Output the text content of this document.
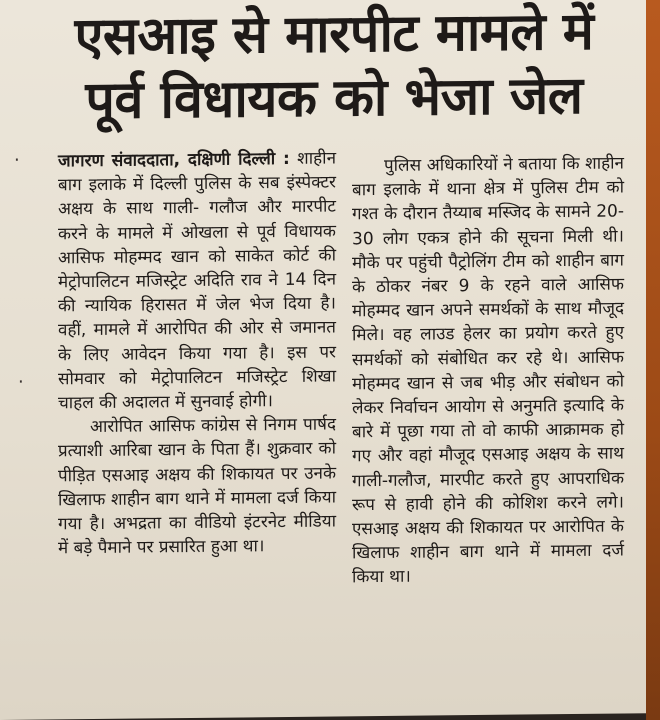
एसआइ से मारपीट मामले में
पूर्व विधायक को भेजा जेल

जागरण संवाददाता, दक्षिणी दिल्ली : शाहीन बाग इलाके में दिल्ली पुलिस के सब इंस्पेक्टर अक्षय के साथ गाली- गलौज और मारपीट करने के मामले में ओखला से पूर्व विधायक आसिफ मोहम्मद खान को साकेत कोर्ट की मेट्रोपालिटन मजिस्ट्रेट अदिति राव ने 14 दिन की न्यायिक हिरासत में जेल भेज दिया है। वहीं, मामले में आरोपित की ओर से जमानत के लिए आवेदन किया गया है। इस पर सोमवार को मेट्रोपालिटन मजिस्ट्रेट शिखा चाहल की अदालत में सुनवाई होगी।

आरोपित आसिफ कांग्रेस से निगम पार्षद प्रत्याशी आरिबा खान के पिता हैं। शुक्रवार को पीड़ित एसआइ अक्षय की शिकायत पर उनके खिलाफ शाहीन बाग थाने में मामला दर्ज किया गया है। अभद्रता का वीडियो इंटरनेट मीडिया में बड़े पैमाने पर प्रसारित हुआ था।

पुलिस अधिकारियों ने बताया कि शाहीन बाग इलाके में थाना क्षेत्र में पुलिस टीम को गश्त के दौरान तैय्याब मस्जिद के सामने 20-30 लोग एकत्र होने की सूचना मिली थी। मौके पर पहुंची पैट्रोलिंग टीम को शाहीन बाग के ठोकर नंबर 9 के रहने वाले आसिफ मोहम्मद खान अपने समर्थकों के साथ मौजूद मिले। वह लाउड हेलर का प्रयोग करते हुए समर्थकों को संबोधित कर रहे थे। आसिफ मोहम्मद खान से जब भीड़ और संबोधन को लेकर निर्वाचन आयोग से अनुमति इत्यादि के बारे में पूछा गया तो वो काफी आक्रामक हो गए और वहां मौजूद एसआइ अक्षय के साथ गाली-गलौज, मारपीट करते हुए आपराधिक रूप से हावी होने की कोशिश करने लगे। एसआइ अक्षय की शिकायत पर आरोपित के खिलाफ शाहीन बाग थाने में मामला दर्ज किया था।

·
·
